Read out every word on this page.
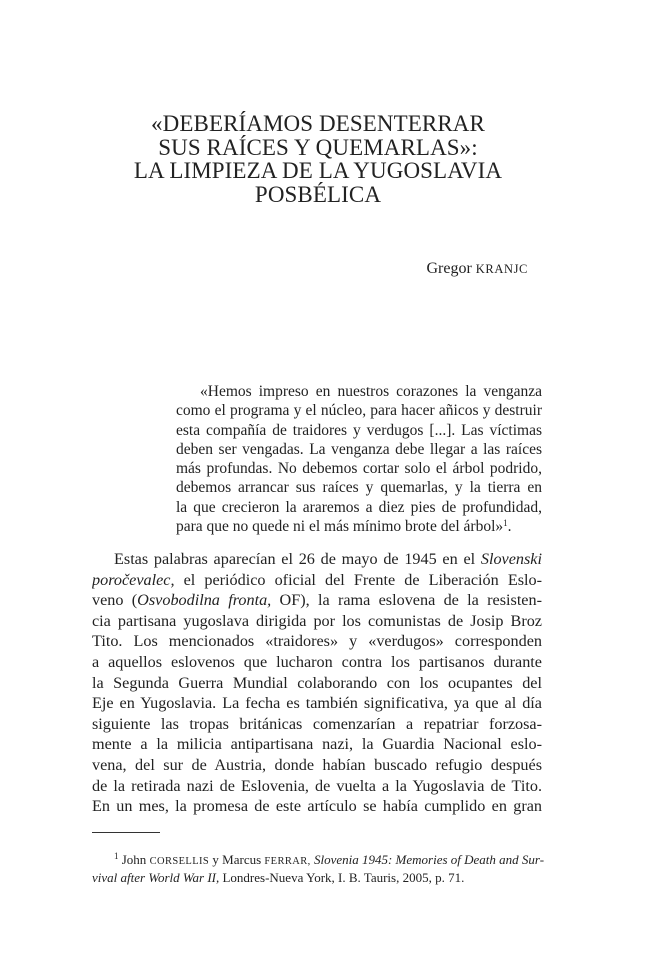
«DEBERÍAMOS DESENTERRAR
SUS RAÍCES Y QUEMARLAS»:
LA LIMPIEZA DE LA YUGOSLAVIA
POSBÉLICA
Gregor KRANJC
«Hemos impreso en nuestros corazones la venganza
como el programa y el núcleo, para hacer añicos y destruir
esta compañía de traidores y verdugos [...]. Las víctimas
deben ser vengadas. La venganza debe llegar a las raíces
más profundas. No debemos cortar solo el árbol podrido,
debemos arrancar sus raíces y quemarlas, y la tierra en
la que crecieron la araremos a diez pies de profundidad,
para que no quede ni el más mínimo brote del árbol»$^1$.
Estas palabras aparecían el 26 de mayo de 1945 en el Slovenski
poročevalec, el periódico oficial del Frente de Liberación Eslo-
veno (Osvobodilna fronta, OF), la rama eslovena de la resisten-
cia partisana yugoslava dirigida por los comunistas de Josip Broz
Tito. Los mencionados «traidores» y «verdugos» corresponden
a aquellos eslovenos que lucharon contra los partisanos durante
la Segunda Guerra Mundial colaborando con los ocupantes del
Eje en Yugoslavia. La fecha es también significativa, ya que al día
siguiente las tropas británicas comenzarían a repatriar forzosa-
mente a la milicia antipartisana nazi, la Guardia Nacional eslo-
vena, del sur de Austria, donde habían buscado refugio después
de la retirada nazi de Eslovenia, de vuelta a la Yugoslavia de Tito.
En un mes, la promesa de este artículo se había cumplido en gran
$^1$ John CORSELLIS y Marcus FERRAR, Slovenia 1945: Memories of Death and Sur-
vival after World War II, Londres-Nueva York, I. B. Tauris, 2005, p. 71.
